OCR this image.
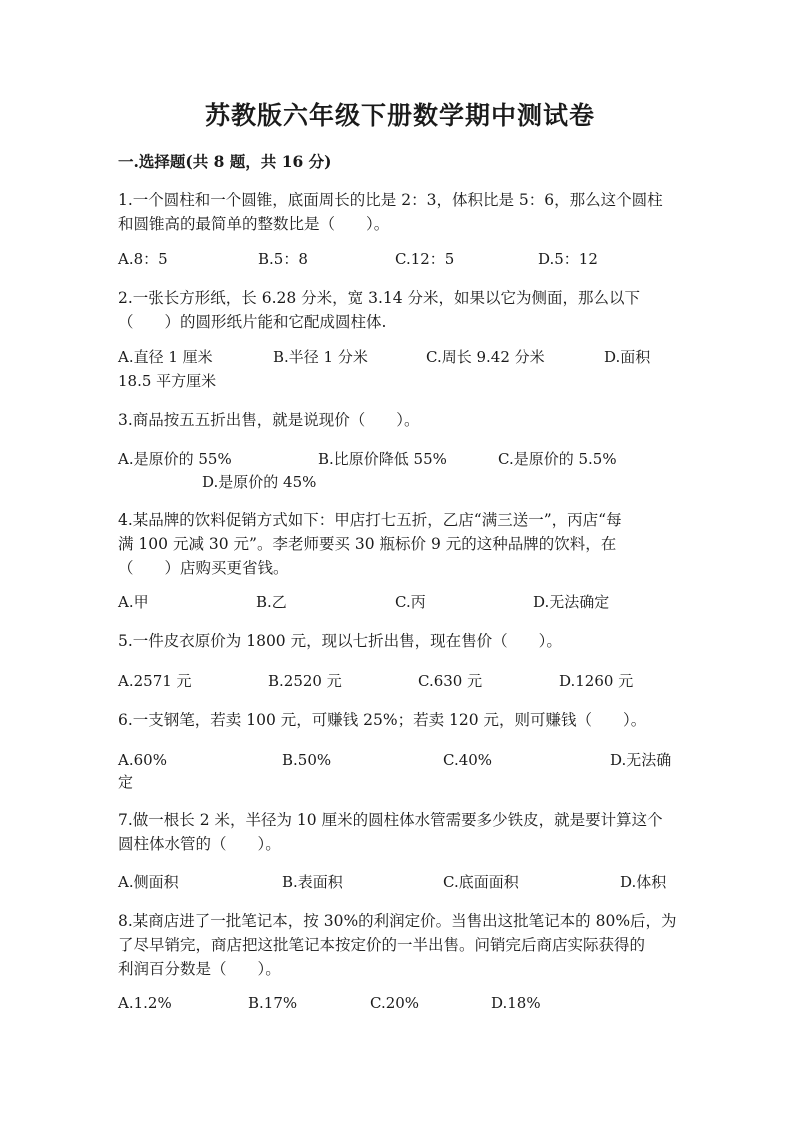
苏教版六年级下册数学期中测试卷
一.选择题(共 8 题，共 16 分)
1.一个圆柱和一个圆锥，底面周长的比是 2：3，体积比是 5：6，那么这个圆柱
和圆锥高的最简单的整数比是（　　）。
A.8：5	B.5：8	C.12：5	D.5：12
2.一张长方形纸，长 6.28 分米，宽 3.14 分米，如果以它为侧面，那么以下
（　　）的圆形纸片能和它配成圆柱体.
A.直径 1 厘米	B.半径 1 分米	C.周长 9.42 分米	D.面积
18.5 平方厘米
3.商品按五五折出售，就是说现价（　　）。
A.是原价的 55%	B.比原价降低 55%	C.是原价的 5.5%
D.是原价的 45%
4.某品牌的饮料促销方式如下：甲店打七五折，乙店“满三送一”，丙店“每
满 100 元减 30 元”。李老师要买 30 瓶标价 9 元的这种品牌的饮料，在
（　　）店购买更省钱。
A.甲	B.乙	C.丙	D.无法确定
5.一件皮衣原价为 1800 元，现以七折出售，现在售价（　　）。
A.2571 元	B.2520 元	C.630 元	D.1260 元
6.一支钢笔，若卖 100 元，可赚钱 25%；若卖 120 元，则可赚钱（　　）。
A.60%	B.50%	C.40%	D.无法确
定
7.做一根长 2 米，半径为 10 厘米的圆柱体水管需要多少铁皮，就是要计算这个
圆柱体水管的（　　）。
A.侧面积	B.表面积	C.底面面积	D.体积
8.某商店进了一批笔记本，按 30%的利润定价。当售出这批笔记本的 80%后，为
了尽早销完，商店把这批笔记本按定价的一半出售。问销完后商店实际获得的
利润百分数是（　　）。
A.1.2%	B.17%	C.20%	D.18%
